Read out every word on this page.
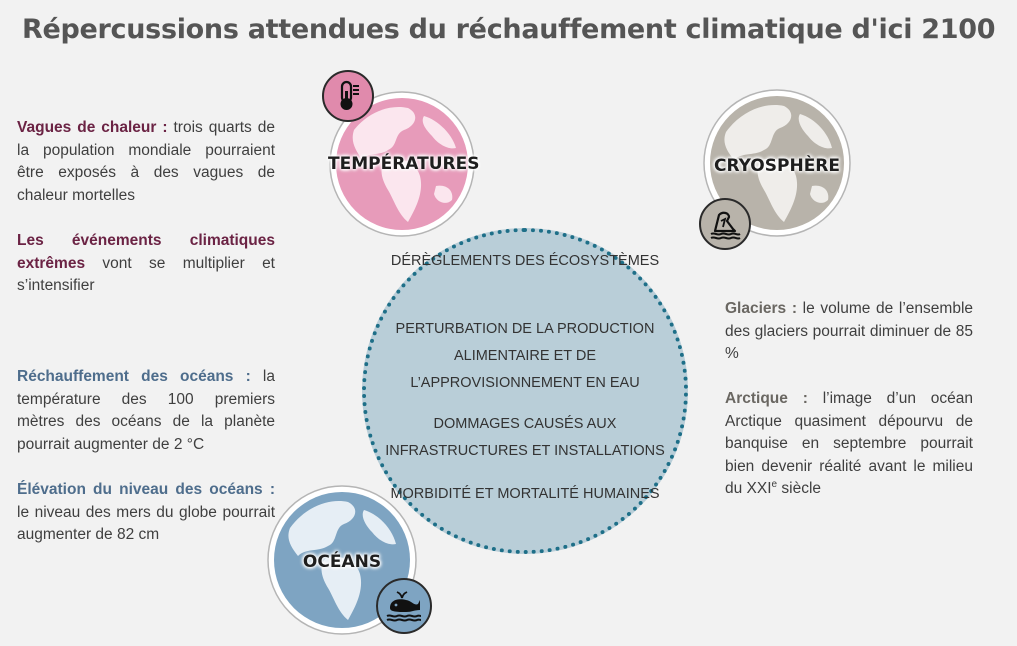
Répercussions attendues du réchauffement climatique d'ici 2100

Vagues de chaleur : trois quarts de la population mondiale pourraient être exposés à des vagues de chaleur mortelles

Les événements climatiques extrêmes vont se multiplier et s’intensifier

Réchauffement des océans : la température des 100 premiers mètres des océans de la planète pourrait augmenter de 2 °C

Élévation du niveau des océans : le niveau des mers du globe pourrait augmenter de 82 cm

Glaciers : le volume de l’ensemble des glaciers pourrait diminuer de 85 %

Arctique : l’image d’un océan Arctique quasiment dépourvu de banquise en septembre pourrait bien devenir réalité avant le milieu du XXIe siècle

DÉRÈGLEMENTS DES ÉCOSYSTÈMES
PERTURBATION DE LA PRODUCTION ALIMENTAIRE ET DE L’APPROVISIONNEMENT EN EAU
DOMMAGES CAUSÉS AUX INFRASTRUCTURES ET INSTALLATIONS
MORBIDITÉ ET MORTALITÉ HUMAINES
TEMPÉRATURES	CRYOSPHÈRE
OCÉANS
